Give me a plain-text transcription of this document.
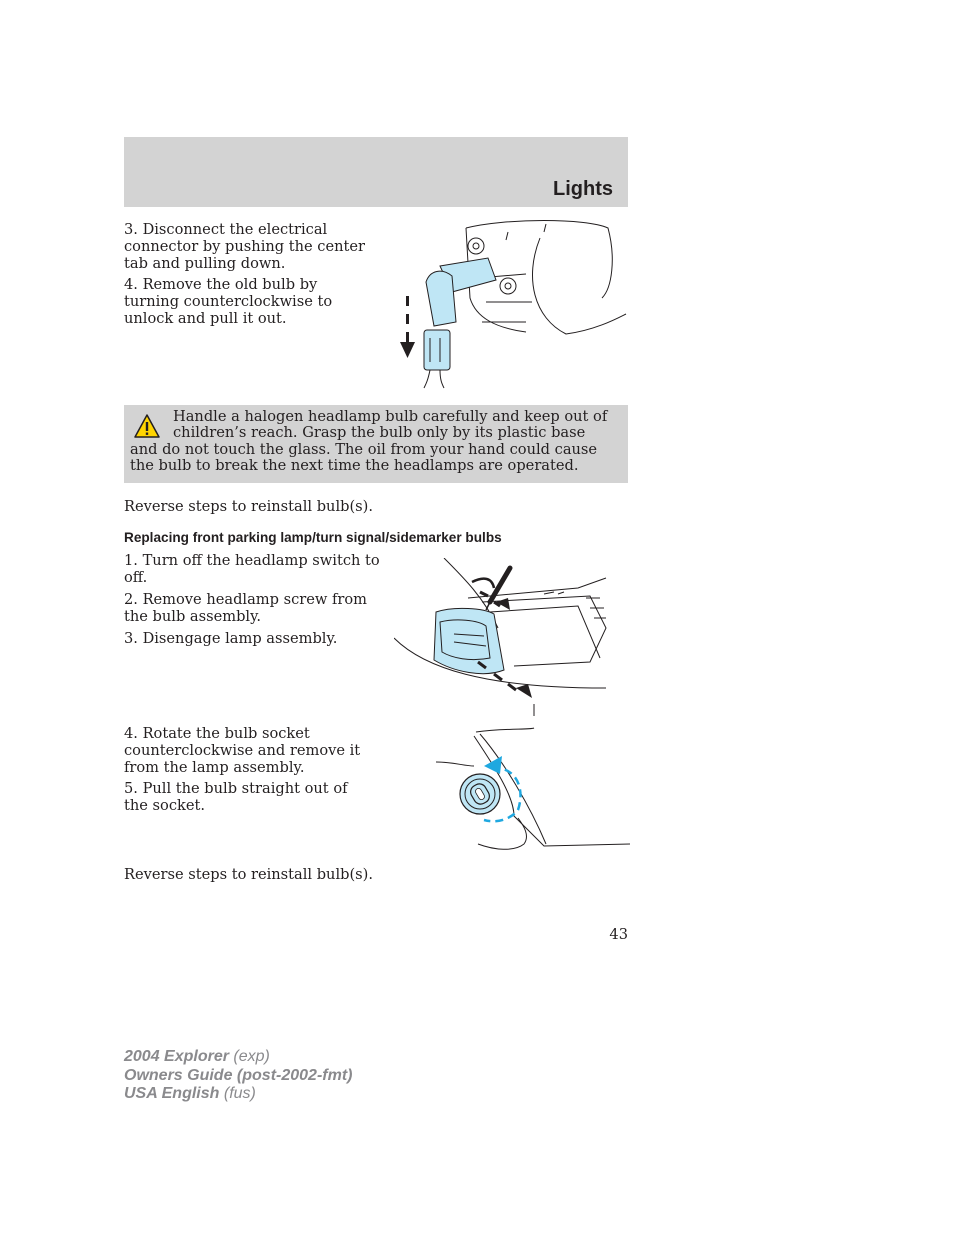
Lights

3. Disconnect the electrical connector by pushing the center tab and pulling down.

4. Remove the old bulb by turning counterclockwise to unlock and pull it out.

Handle a halogen headlamp bulb carefully and keep out of children’s reach. Grasp the bulb only by its plastic base and do not touch the glass. The oil from your hand could cause the bulb to break the next time the headlamps are operated.

Reverse steps to reinstall bulb(s).

Replacing front parking lamp/turn signal/sidemarker bulbs

1. Turn off the headlamp switch to off.

2. Remove headlamp screw from the bulb assembly.

3. Disengage lamp assembly.

4. Rotate the bulb socket counterclockwise and remove it from the lamp assembly.

5. Pull the bulb straight out of the socket.

Reverse steps to reinstall bulb(s).

43
2004 Explorer (exp)
Owners Guide (post-2002-fmt)
USA English (fus)
